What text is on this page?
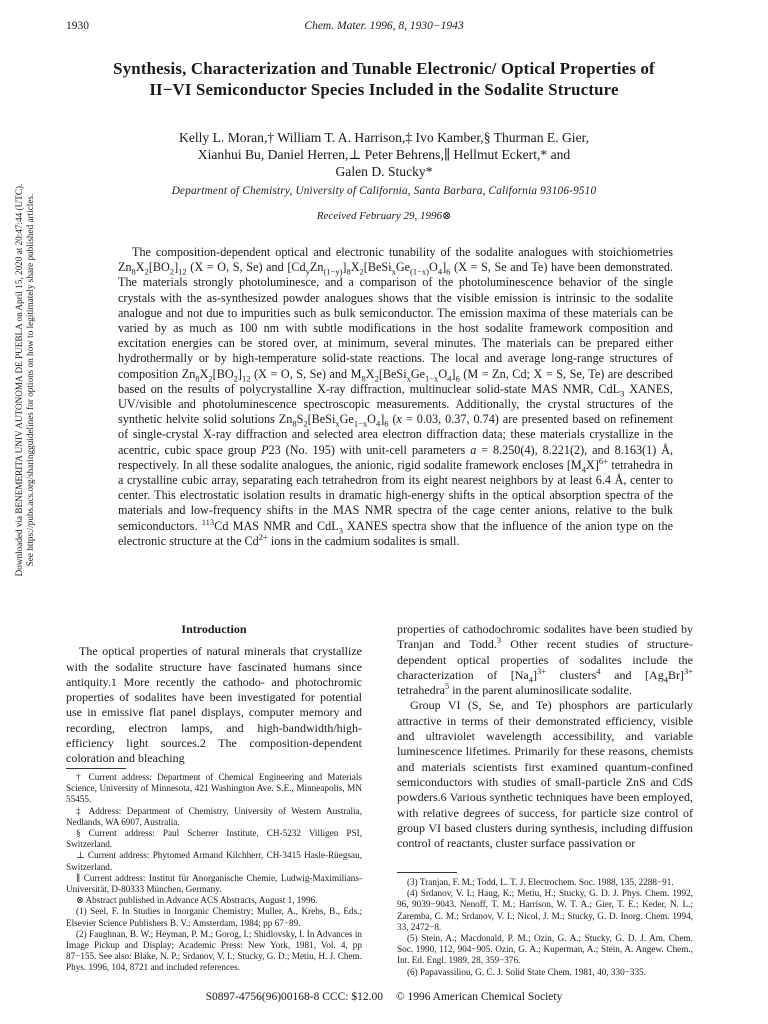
1930	Chem. Mater. 1996, 8, 1930−1943
Synthesis, Characterization and Tunable Electronic/ Optical Properties of II−VI Semiconductor Species Included in the Sodalite Structure
Kelly L. Moran,† William T. A. Harrison,‡ Ivo Kamber,§ Thurman E. Gier,
Xianhui Bu, Daniel Herren,⊥ Peter Behrens,∥ Hellmut Eckert,* and
Galen D. Stucky*
Department of Chemistry, University of California, Santa Barbara, California 93106-9510
Received February 29, 1996⊗
The composition-dependent optical and electronic tunability of the sodalite analogues with stoichiometries $Zn_8X_2[BO_2]_{12}$ (X = O, S, Se) and $[Cd_yZn_{(1-y)}]_8X_2[BeSi_xGe_{(1-x)}O_4]_6$ (X = S, Se and Te) have been demonstrated. The materials strongly photoluminesce, and a comparison of the photoluminescence behavior of the single crystals with the as-synthesized powder analogues shows that the visible emission is intrinsic to the sodalite analogue and not due to impurities such as bulk semiconductor. The emission maxima of these materials can be varied by as much as 100 nm with subtle modifications in the host sodalite framework composition and excitation energies can be stored over, at minimum, several minutes. The materials can be prepared either hydrothermally or by high-temperature solid-state reactions. The local and average long-range structures of composition $Zn_8X_2[BO_2]_{12}$ (X = O, S, Se) and $M_8X_2[BeSi_xGe_{1-x}O_4]_6$ (M = Zn, Cd; X = S, Se, Te) are described based on the results of polycrystalline X-ray diffraction, multinuclear solid-state MAS NMR, CdL$_3$ XANES, UV/visible and photoluminescence spectroscopic measurements. Additionally, the crystal structures of the synthetic helvite solid solutions $Zn_8S_2[BeSi_xGe_{1-x}O_4]_6$ (x = 0.03, 0.37, 0.74) are presented based on refinement of single-crystal X-ray diffraction and selected area electron diffraction data; these materials crystallize in the acentric, cubic space group P23 (No. 195) with unit-cell parameters a = 8.250(4), 8.221(2), and 8.163(1) Å, respectively. In all these sodalite analogues, the anionic, rigid sodalite framework encloses $[M_4X]^{6+}$ tetrahedra in a crystalline cubic array, separating each tetrahedron from its eight nearest neighbors by at least 6.4 Å, center to center. This electrostatic isolation results in dramatic high-energy shifts in the optical absorption spectra of the materials and low-frequency shifts in the MAS NMR spectra of the cage center anions, relative to the bulk semiconductors. $^{113}$Cd MAS NMR and CdL$_3$ XANES spectra show that the influence of the anion type on the electronic structure at the $Cd^{2+}$ ions in the cadmium sodalites is small.
Downloaded via BENEMERITA UNIV AUTONOMA DE PUEBLA on April 15, 2020 at 20:47:44 (UTC). See https://pubs.acs.org/sharingguidelines for options on how to legitimately share published articles.
Introduction

The optical properties of natural minerals that crystallize with the sodalite structure have fascinated humans since antiquity.1 More recently the cathodo- and photochromic properties of sodalites have been investigated for potential use in emissive flat panel displays, computer memory and recording, electron lamps, and high-bandwidth/high-efficiency light sources.2 The composition-dependent coloration and bleaching

properties of cathodochromic sodalites have been studied by Tranjan and Todd.$^3$ Other recent studies of structure-dependent optical properties of sodalites include the characterization of $[Na_4]^{3+}$ clusters$^4$ and $[Ag_4Br]^{3+}$ tetrahedra$^5$ in the parent aluminosilicate sodalite.

Group VI (S, Se, and Te) phosphors are particularly attractive in terms of their demonstrated efficiency, visible and ultraviolet wavelength accessibility, and variable luminescence lifetimes. Primarily for these reasons, chemists and materials scientists first examined quantum-confined semiconductors with studies of small-particle ZnS and CdS powders.6 Various synthetic techniques have been employed, with relative degrees of success, for particle size control of group VI based clusters during synthesis, including diffusion control of reactants, cluster surface passivation or

† Current address: Department of Chemical Engineering and Materials Science, University of Minnesota, 421 Washington Ave. S.E., Minneapolis, MN 55455.

‡ Address: Department of Chemistry, University of Western Australia, Nedlands, WA 6907, Australia.

§ Current address: Paul Scherrer Institute, CH-5232 Villigen PSI, Switzerland.

⊥ Current address: Phytomed Armand Kilchherr, CH-3415 Hasle-Rüegsau, Switzerland.

∥ Current address: Institut für Anorganische Chemie, Ludwig-Maximilians-Universität, D-80333 München, Germany.

⊗ Abstract published in Advance ACS Abstracts, August 1, 1996.

(1) Seel, F. In Studies in Inorganic Chemistry; Muller, A., Krebs, B., Eds.; Elsevier Science Publishers B. V.: Amsterdam, 1984; pp 67−89.

(2) Faughnan, B. W.; Heyman, P. M.; Gorog, I.; Shidlovsky, I. In Advances in Image Pickup and Display; Academic Press: New York, 1981, Vol. 4, pp 87−155. See also: Blake, N. P.; Srdanov, V. I.; Stucky, G. D.; Metiu, H. J. Chem. Phys. 1996, 104, 8721 and included references.

(3) Tranjan, F. M.; Todd, L. T. J. Electrochem. Soc. 1988, 135, 2288−91.

(4) Srdanov, V. I.; Haug, K.; Metiu, H.; Stucky, G. D. J. Phys. Chem. 1992, 96, 9039−9043. Nenoff, T. M.; Harrison, W. T. A.; Gier, T. E.; Keder, N. L.; Zaremba, C. M.; Srdanov, V. I.; Nicol, J. M.; Stucky, G. D. Inorg. Chem. 1994, 33, 2472−8.

(5) Stein, A.; Macdonald, P. M.; Ozin, G. A.; Stucky, G. D. J. Am. Chem. Soc. 1990, 112, 904−905. Ozin, G. A.; Kuperman, A.; Stein, A. Angew. Chem., Int. Ed. Engl. 1989, 28, 359−376.

(6) Papavassiliou, G. C. J. Solid State Chem. 1981, 40, 330−335.

S0897-4756(96)00168-8 CCC: $12.00 © 1996 American Chemical Society
